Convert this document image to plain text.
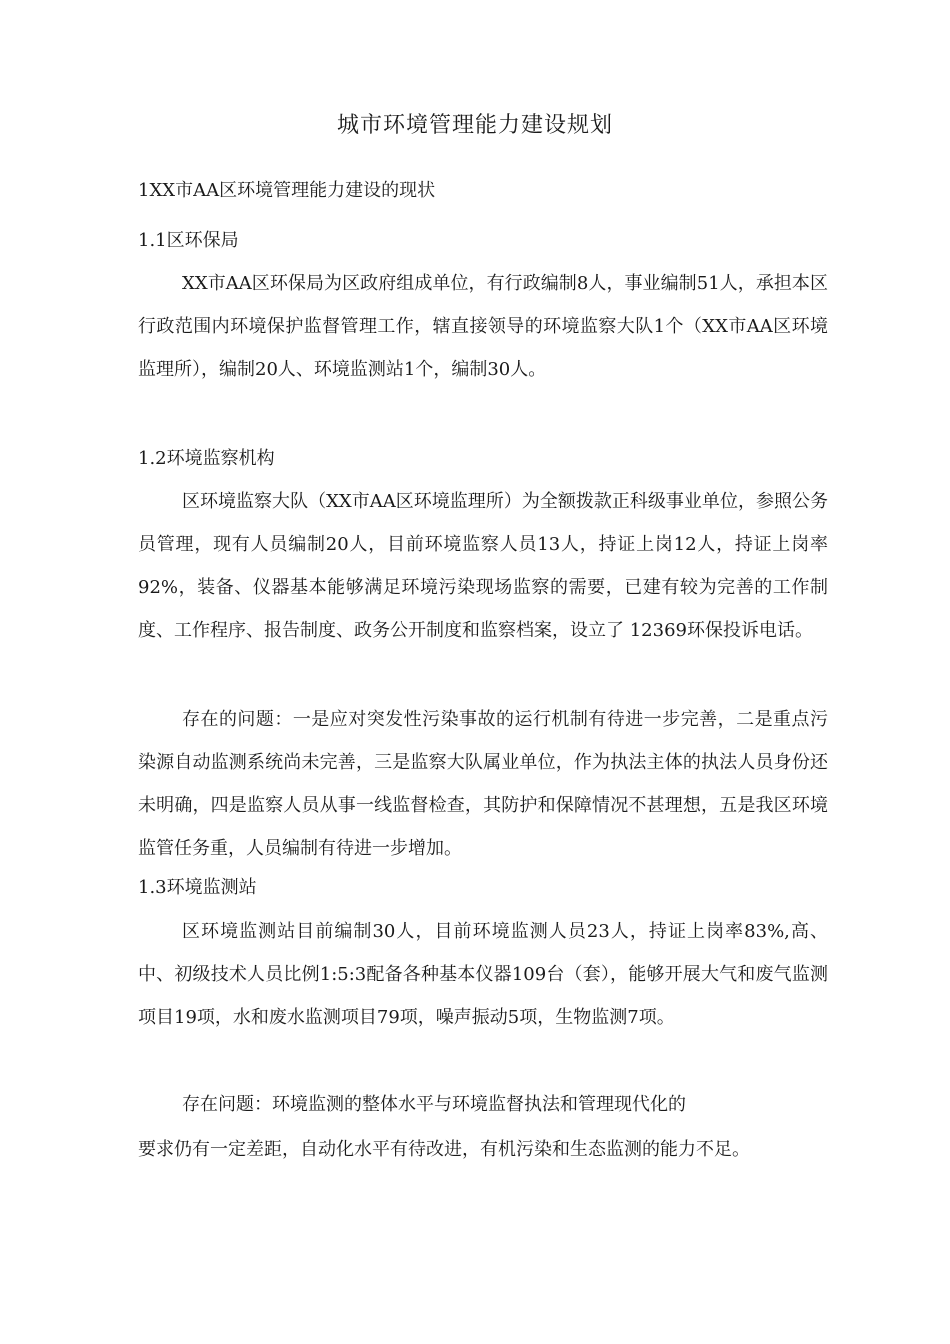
城市环境管理能力建设规划
1XX市AA区环境管理能力建设的现状
1.1区环保局
XX市AA区环保局为区政府组成单位，有行政编制8人，事业编制51人，承担本区行政范围内环境保护监督管理工作，辖直接领导的环境监察大队1个（XX市AA区环境监理所），编制20人、环境监测站1个，编制30人。
1.2环境监察机构
区环境监察大队（XX市AA区环境监理所）为全额拨款正科级事业单位，参照公务员管理，现有人员编制20人，目前环境监察人员13人，持证上岗12人，持证上岗率92%，装备、仪器基本能够满足环境污染现场监察的需要，已建有较为完善的工作制度、工作程序、报告制度、政务公开制度和监察档案，设立了 12369环保投诉电话。
存在的问题：一是应对突发性污染事故的运行机制有待进一步完善，二是重点污染源自动监测系统尚未完善，三是监察大队属业单位，作为执法主体的执法人员身份还未明确，四是监察人员从事一线监督检查，其防护和保障情况不甚理想，五是我区环境监管任务重，人员编制有待进一步增加。
1.3环境监测站
区环境监测站目前编制30人，目前环境监测人员23人，持证上岗率83%,高、中、初级技术人员比例1:5:3配备各种基本仪器109台（套），能够开展大气和废气监测项目19项，水和废水监测项目79项，噪声振动5项，生物监测7项。
存在问题：环境监测的整体水平与环境监督执法和管理现代化的
要求仍有一定差距，自动化水平有待改进，有机污染和生态监测的能力不足。
